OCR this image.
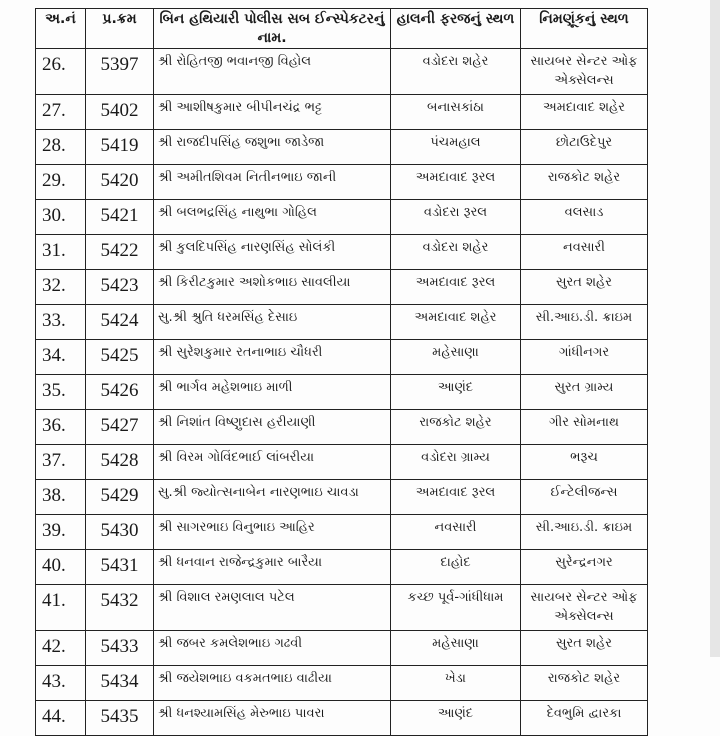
અ.નં	પ્ર.ક્રમ	બિન હથિયારી પોલીસ સબ ઈન્સ્પેકટરનું નામ.	હાલની ફરજનું સ્થળ	નિમણૂંકનું સ્થળ
26.	5397	શ્રી રોહિતજી ભવાનજી વિહોલ	વડોદરા શહેર	સાયબર સેન્ટર ઓફ એક્સેલન્સ
27.	5402	શ્રી આશીષકુમાર બીપીનચંદ્ર ભટ્ટ	બનાસકાંઠા	અમદાવાદ શહેર
28.	5419	શ્રી રાજદીપસિંહ જશુભા જાડેજા	પંચમહાલ	છોટાઉદેપુર
29.	5420	શ્રી અમીતશિવમ નિતીનભાઇ જાની	અમદાવાદ રૂરલ	રાજકોટ શહેર
30.	5421	શ્રી બલભદ્રસિંહ નાથુભા ગોહિલ	વડોદરા રૂરલ	વલસાડ
31.	5422	શ્રી કુલદિપસિંહ નારણસિંહ સોલંકી	વડોદરા શહેર	નવસારી
32.	5423	શ્રી કિરીટકુમાર અશોકભાઇ સાવલીયા	અમદાવાદ રૂરલ	સુરત શહેર
33.	5424	સુ.શ્રી શ્રુતિ ધરમસિંહ દેસાઇ	અમદાવાદ શહેર	સી.આઇ.ડી. ક્રાઇમ
34.	5425	શ્રી સુરેશકુમાર રતનાભાઇ ચૌધરી	મહેસાણા	ગાંધીનગર
35.	5426	શ્રી ભાર્ગવ મહેશભાઇ માળી	આણંદ	સુરત ગ્રામ્ય
36.	5427	શ્રી નિશાંત વિષ્ણુદાસ હરીયાણી	રાજકોટ શહેર	ગીર સોમનાથ
37.	5428	શ્રી વિરમ ગોવિંદભાઈ લાંબરીયા	વડોદરા ગ્રામ્ય	ભરૂચ
38.	5429	સુ.શ્રી જ્યોત્સનાબેન નારણભાઇ ચાવડા	અમદાવાદ રૂરલ	ઈન્ટેલીજન્સ
39.	5430	શ્રી સાગરભાઇ વિનુભાઇ આહિર	નવસારી	સી.આઇ.ડી. ક્રાઇમ
40.	5431	શ્રી ધનવાન રાજેન્દ્રકુમાર બારૈયા	દાહોદ	સુરેન્દ્રનગર
41.	5432	શ્રી વિશાલ રમણલાલ પટેલ	કચ્છ પૂર્વ-ગાંધીધામ	સાયબર સેન્ટર ઓફ એક્સેલન્સ
42.	5433	શ્રી જબર કમલેશભાઇ ગઢવી	મહેસાણા	સુરત શહેર
43.	5434	શ્રી જયેશભાઇ વકમતભાઇ વાઢીયા	ખેડા	રાજકોટ શહેર
44.	5435	શ્રી ધનશ્યામસિંહ મેરુભાઇ પાવરા	આણંદ	દેવભુમિ દ્વારકા
